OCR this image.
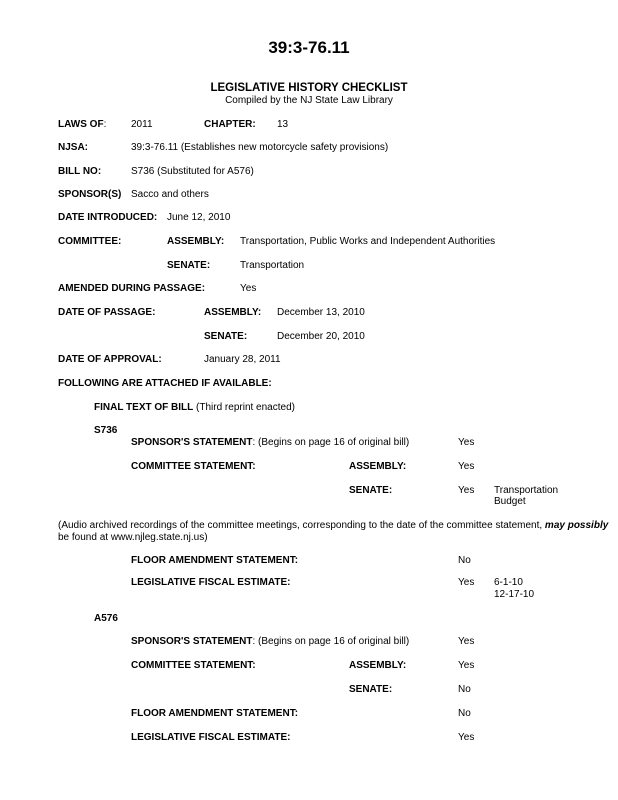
39:3-76.11
LEGISLATIVE HISTORY CHECKLIST
Compiled by the NJ State Law Library
LAWS OF: 2011	CHAPTER: 13
NJSA:	39:3-76.11 (Establishes new motorcycle safety provisions)
BILL NO:	S736 (Substituted for A576)
SPONSOR(S) Sacco and others
DATE INTRODUCED: June 12, 2010
COMMITTEE:	ASSEMBLY: Transportation, Public Works and Independent Authorities
SENATE:	Transportation
AMENDED DURING PASSAGE:	Yes
DATE OF PASSAGE:	ASSEMBLY: December 13, 2010
SENATE:	December 20, 2010
DATE OF APPROVAL:	January 28, 2011
FOLLOWING ARE ATTACHED IF AVAILABLE:
FINAL TEXT OF BILL (Third reprint enacted)
S736
SPONSOR'S STATEMENT: (Begins on page 16 of original bill)	Yes
COMMITTEE STATEMENT:	ASSEMBLY:	Yes
SENATE:	Yes Transportation
Budget
(Audio archived recordings of the committee meetings, corresponding to the date of the committee statement, may possibly
be found at www.njleg.state.nj.us)
FLOOR AMENDMENT STATEMENT:	No
LEGISLATIVE FISCAL ESTIMATE:	Yes 6-1-10
12-17-10
A576
SPONSOR'S STATEMENT: (Begins on page 16 of original bill)	Yes
COMMITTEE STATEMENT:	ASSEMBLY:	Yes
SENATE:	No
FLOOR AMENDMENT STATEMENT:	No
LEGISLATIVE FISCAL ESTIMATE:	Yes
